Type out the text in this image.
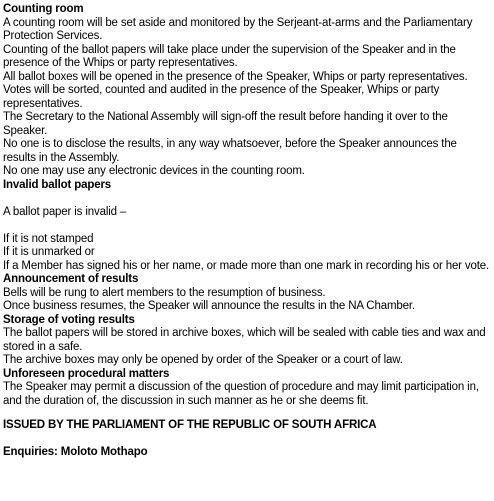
Counting room

A counting room will be set aside and monitored by the Serjeant-at-arms and the Parliamentary Protection Services.

Counting of the ballot papers will take place under the supervision of the Speaker and in the presence of the Whips or party representatives.

All ballot boxes will be opened in the presence of the Speaker, Whips or party representatives.

Votes will be sorted, counted and audited in the presence of the Speaker, Whips or party representatives.

The Secretary to the National Assembly will sign-off the result before handing it over to the Speaker.

No one is to disclose the results, in any way whatsoever, before the Speaker announces the results in the Assembly.

No one may use any electronic devices in the counting room.

Invalid ballot papers

A ballot paper is invalid –

If it is not stamped

If it is unmarked or

If a Member has signed his or her name, or made more than one mark in recording his or her vote.

Announcement of results

Bells will be rung to alert members to the resumption of business.

Once business resumes, the Speaker will announce the results in the NA Chamber.

Storage of voting results

The ballot papers will be stored in archive boxes, which will be sealed with cable ties and wax and stored in a safe.

The archive boxes may only be opened by order of the Speaker or a court of law.

Unforeseen procedural matters

The Speaker may permit a discussion of the question of procedure and may limit participation in, and the duration of, the discussion in such manner as he or she deems fit.

ISSUED BY THE PARLIAMENT OF THE REPUBLIC OF SOUTH AFRICA

Enquiries: Moloto Mothapo
